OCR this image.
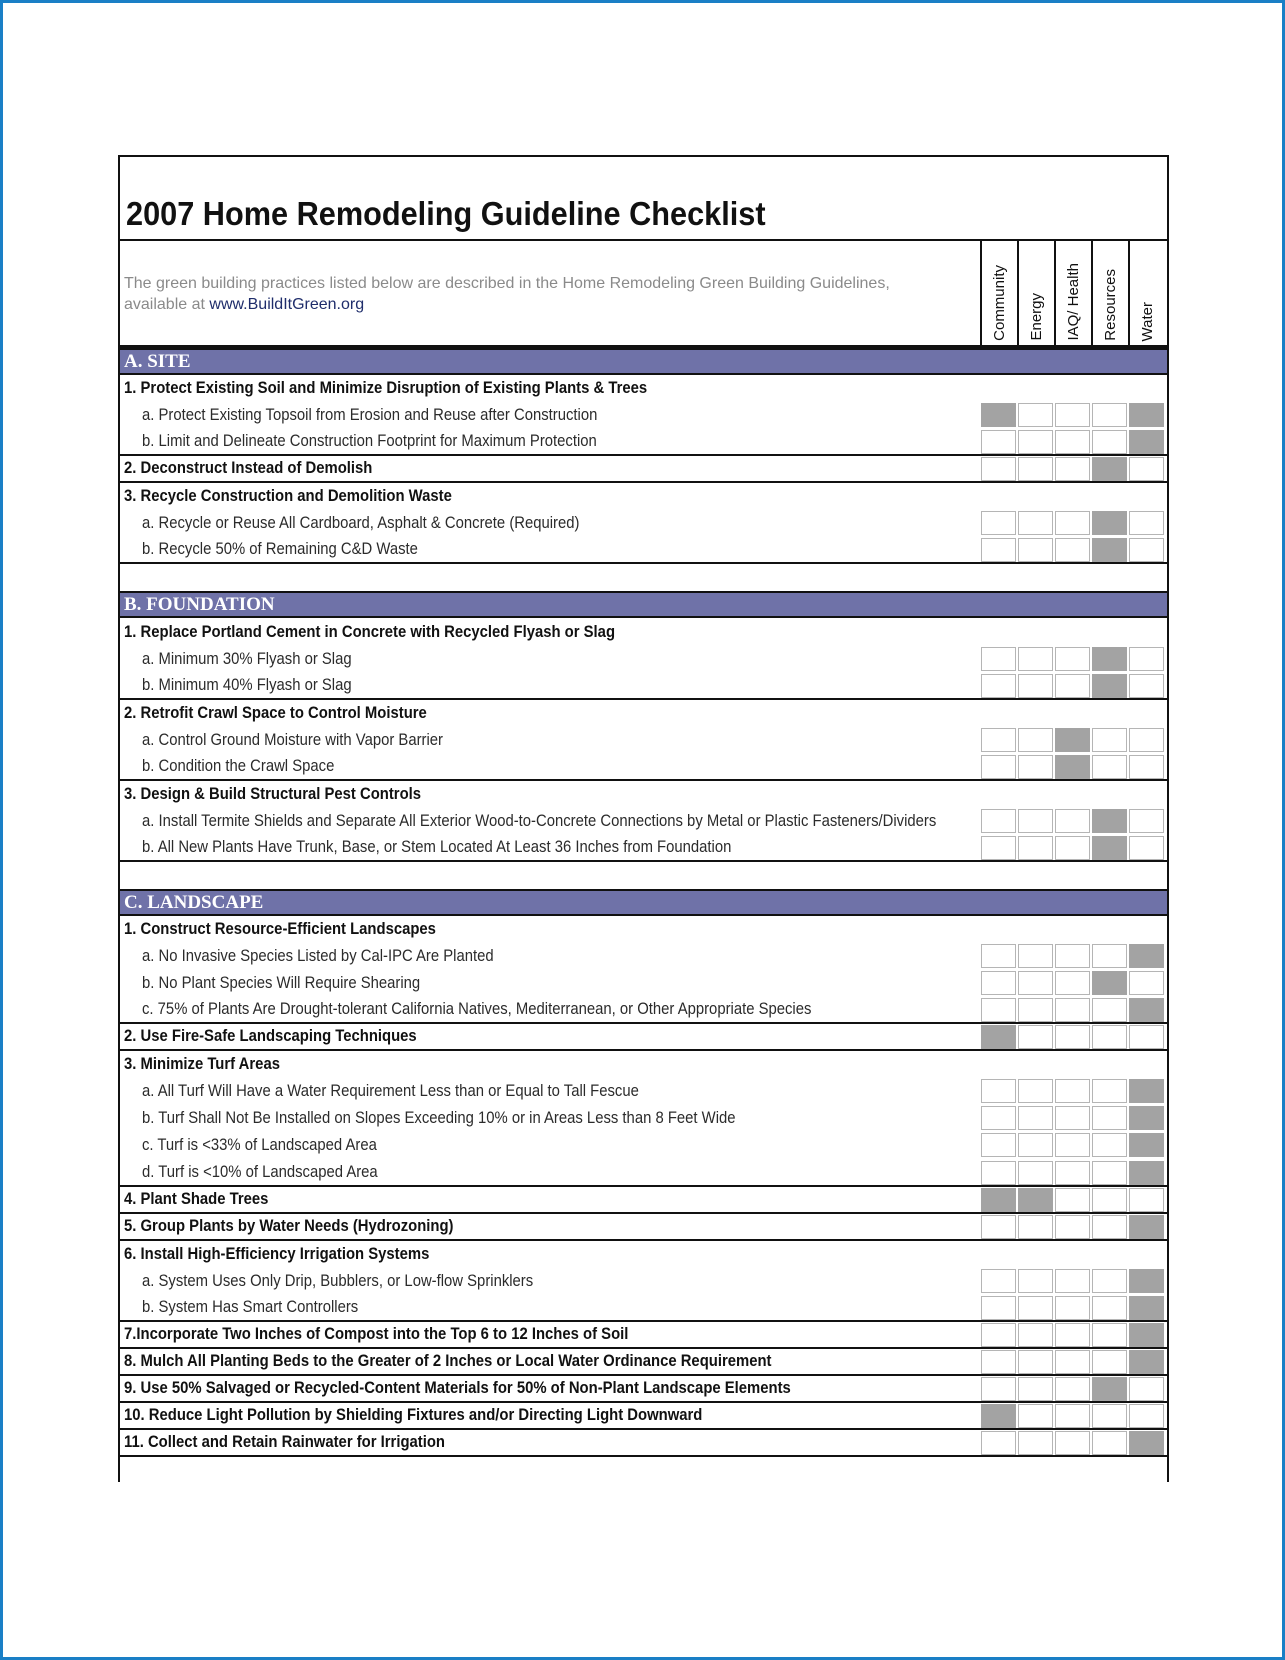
2007 Home Remodeling Guideline Checklist
The green building practices listed below are described in the Home Remodeling Green Building Guidelines,
available at www.BuildItGreen.org	Community Energy IAQ/ Health Resources Water
A. SITE
1. Protect Existing Soil and Minimize Disruption of Existing Plants & Trees
a. Protect Existing Topsoil from Erosion and Reuse after Construction
b. Limit and Delineate Construction Footprint for Maximum Protection
2. Deconstruct Instead of Demolish
3. Recycle Construction and Demolition Waste
a. Recycle or Reuse All Cardboard, Asphalt & Concrete (Required)
b. Recycle 50% of Remaining C&D Waste
B. FOUNDATION
1. Replace Portland Cement in Concrete with Recycled Flyash or Slag
a. Minimum 30% Flyash or Slag
b. Minimum 40% Flyash or Slag
2. Retrofit Crawl Space to Control Moisture
a. Control Ground Moisture with Vapor Barrier
b. Condition the Crawl Space
3. Design & Build Structural Pest Controls
a. Install Termite Shields and Separate All Exterior Wood-to-Concrete Connections by Metal or Plastic Fasteners/Dividers
b. All New Plants Have Trunk, Base, or Stem Located At Least 36 Inches from Foundation
C. LANDSCAPE
1. Construct Resource-Efficient Landscapes
a. No Invasive Species Listed by Cal-IPC Are Planted
b. No Plant Species Will Require Shearing
c. 75% of Plants Are Drought-tolerant California Natives, Mediterranean, or Other Appropriate Species
2. Use Fire-Safe Landscaping Techniques
3. Minimize Turf Areas
a. All Turf Will Have a Water Requirement Less than or Equal to Tall Fescue
b. Turf Shall Not Be Installed on Slopes Exceeding 10% or in Areas Less than 8 Feet Wide
c. Turf is <33% of Landscaped Area
d. Turf is <10% of Landscaped Area
4. Plant Shade Trees
5. Group Plants by Water Needs (Hydrozoning)
6. Install High-Efficiency Irrigation Systems
a. System Uses Only Drip, Bubblers, or Low-flow Sprinklers
b. System Has Smart Controllers
7.Incorporate Two Inches of Compost into the Top 6 to 12 Inches of Soil
8. Mulch All Planting Beds to the Greater of 2 Inches or Local Water Ordinance Requirement
9. Use 50% Salvaged or Recycled-Content Materials for 50% of Non-Plant Landscape Elements
10. Reduce Light Pollution by Shielding Fixtures and/or Directing Light Downward
11. Collect and Retain Rainwater for Irrigation
